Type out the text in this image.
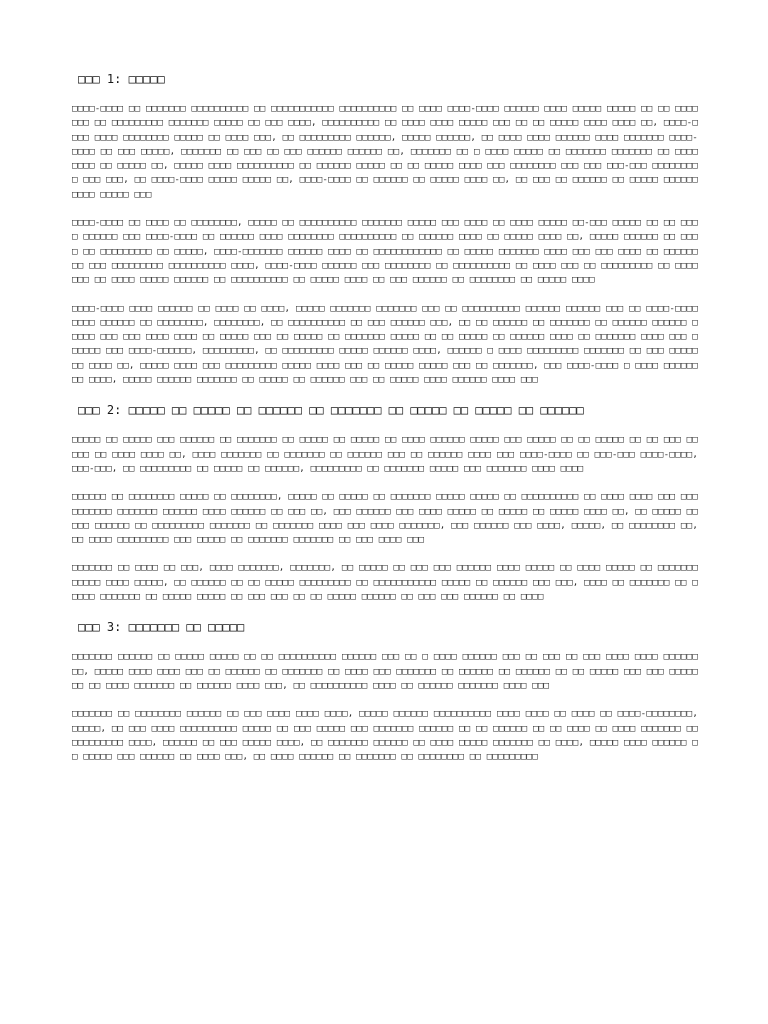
□□□ 1: □□□□□

□□□□-□□□□ □□ □□□□□□□ □□□□□□□□□□ □□ □□□□□□□□□□□ □□□□□□□□□□ □□ □□□□ □□□□-□□□□ □□□□□□ □□□□ □□□□□ □□□□□ □□ □□ □□□□□□□ □□ □□□□□□□□□ □□□□□□□ □□□□□ □□ □□□ □□□□, □□□□□□□□□□ □□ □□□□ □□□□ □□□□□ □□□ □□ □□ □□□□□ □□□□ □□□□ □□, □□□□-□□□□ □□□□ □□□□□□□□ □□□□□ □□ □□□□ □□□, □□ □□□□□□□□□ □□□□□□, □□□□□ □□□□□□, □□ □□□□ □□□□ □□□□□□ □□□□ □□□□□□□ □□□□-□□□□ □□ □□□ □□□□□, □□□□□□□ □□ □□□ □□ □□□ □□□□□□ □□□□□□ □□, □□□□□□□ □□ □ □□□□ □□□□□ □□ □□□□□□□ □□□□□□□ □□ □□□□ □□□□ □□ □□□□□ □□, □□□□□ □□□□ □□□□□□□□□□ □□ □□□□□□ □□□□□ □□ □□ □□□□□ □□□□ □□□ □□□□□□□□ □□□ □□□ □□□-□□□ □□□□□□□□□ □□□ □□□, □□ □□□□-□□□□ □□□□□ □□□□□ □□, □□□□-□□□□ □□ □□□□□□ □□ □□□□□ □□□□ □□, □□ □□□ □□ □□□□□□ □□ □□□□□ □□□□□□□□□□ □□□□□ □□□

□□□□-□□□□ □□ □□□□ □□ □□□□□□□□, □□□□□ □□ □□□□□□□□□□ □□□□□□□ □□□□□ □□□ □□□□ □□ □□□□ □□□□□ □□-□□□ □□□□□ □□ □□ □□□□ □□□□□□ □□□ □□□□-□□□□ □□ □□□□□□ □□□□ □□□□□□□□ □□□□□□□□□□ □□ □□□□□□ □□□□ □□ □□□□□ □□□□ □□, □□□□□ □□□□□□ □□ □□□□ □□ □□□□□□□□□ □□ □□□□□, □□□□-□□□□□□□ □□□□□□ □□□□ □□ □□□□□□□□□□□□ □□ □□□□□ □□□□□□□ □□□□ □□□ □□□ □□□□ □□ □□□□□□□□ □□□ □□□□□□□□□ □□□□□□□□□□ □□□□, □□□□-□□□□ □□□□□□ □□□ □□□□□□□□ □□ □□□□□□□□□□ □□ □□□□ □□□ □□ □□□□□□□□□ □□ □□□□ □□□ □□ □□□□ □□□□□ □□□□□□ □□ □□□□□□□□□□ □□ □□□□□ □□□□ □□ □□□ □□□□□□ □□ □□□□□□□□ □□ □□□□□ □□□□

□□□□-□□□□ □□□□ □□□□□□ □□ □□□□ □□ □□□□, □□□□□ □□□□□□□ □□□□□□□ □□□ □□ □□□□□□□□□□ □□□□□□ □□□□□□ □□□ □□ □□□□-□□□□ □□□□ □□□□□□ □□ □□□□□□□□, □□□□□□□□, □□ □□□□□□□□□□ □□ □□□ □□□□□□ □□□, □□ □□ □□□□□□ □□ □□□□□□□ □□ □□□□□□ □□□□□□ □□□□□ □□□ □□□ □□□□ □□□□ □□ □□□□□ □□□ □□ □□□□□ □□ □□□□□□□ □□□□□ □□ □□ □□□□□ □□ □□□□□□ □□□□ □□ □□□□□□□ □□□□ □□□ □□□□□□ □□□ □□□□-□□□□□□, □□□□□□□□□, □□ □□□□□□□□□ □□□□□ □□□□□□ □□□□, □□□□□□ □ □□□□ □□□□□□□□□ □□□□□□□ □□ □□□ □□□□□□□ □□□□ □□, □□□□□ □□□□ □□□ □□□□□□□□□ □□□□□ □□□□ □□□ □□ □□□□□ □□□□□ □□□ □□ □□□□□□□, □□□ □□□□-□□□□ □ □□□□ □□□□□□ □□ □□□□, □□□□□ □□□□□□ □□□□□□□ □□ □□□□□ □□ □□□□□□ □□□ □□ □□□□□ □□□□ □□□□□□ □□□□ □□□

□□□ 2: □□□□□ □□ □□□□□ □□ □□□□□□ □□ □□□□□□□ □□ □□□□□ □□ □□□□□ □□ □□□□□□

□□□□□ □□ □□□□□ □□□ □□□□□□ □□ □□□□□□□ □□ □□□□□ □□ □□□□□ □□ □□□□ □□□□□□ □□□□□ □□□ □□□□□ □□ □□ □□□□□ □□ □□ □□□ □□□□□ □□ □□□□ □□□□ □□, □□□□ □□□□□□□ □□ □□□□□□□ □□ □□□□□□ □□□ □□ □□□□□□ □□□□ □□□ □□□□-□□□□ □□ □□□-□□□ □□□□-□□□□, □□□-□□□, □□ □□□□□□□□□ □□ □□□□□ □□ □□□□□□, □□□□□□□□□ □□ □□□□□□□ □□□□□ □□□ □□□□□□□ □□□□ □□□□

□□□□□□ □□ □□□□□□□□ □□□□□ □□ □□□□□□□□, □□□□□ □□ □□□□□ □□ □□□□□□□ □□□□□ □□□□□ □□ □□□□□□□□□□ □□ □□□□ □□□□ □□□ □□□□□□□□□□ □□□□□□□ □□□□□□ □□□□ □□□□□□ □□ □□□ □□, □□□ □□□□□□ □□□ □□□□ □□□□□ □□ □□□□□ □□ □□□□□ □□□□ □□, □□ □□□□□ □□ □□□ □□□□□□ □□ □□□□□□□□□ □□□□□□□ □□ □□□□□□□ □□□□ □□□ □□□□ □□□□□□□, □□□ □□□□□□ □□□ □□□□, □□□□□, □□ □□□□□□□□ □□, □□ □□□□ □□□□□□□□□ □□□ □□□□□ □□ □□□□□□□ □□□□□□□ □□ □□□ □□□□ □□□

□□□□□□□ □□ □□□□ □□ □□□, □□□□ □□□□□□□, □□□□□□□, □□ □□□□□ □□ □□□ □□□ □□□□□□ □□□□ □□□□□ □□ □□□□ □□□□□ □□ □□□□□□□ □□□□□ □□□□ □□□□□, □□ □□□□□□ □□ □□ □□□□□ □□□□□□□□□ □□ □□□□□□□□□□□ □□□□□ □□ □□□□□□ □□□ □□□, □□□□ □□ □□□□□□□ □□ □□□□□ □□□□□□□ □□ □□□□□ □□□□□ □□ □□□ □□□ □□ □□ □□□□□ □□□□□□ □□ □□□ □□□ □□□□□□ □□ □□□□

□□□ 3: □□□□□□□ □□ □□□□□

□□□□□□□ □□□□□□ □□ □□□□□ □□□□□ □□ □□ □□□□□□□□□□ □□□□□□ □□□ □□ □ □□□□ □□□□□□ □□□ □□ □□□ □□ □□□ □□□□ □□□□ □□□□□□ □□, □□□□□ □□□□ □□□□ □□□ □□ □□□□□□ □□ □□□□□□□ □□ □□□□ □□□ □□□□□□□ □□ □□□□□□ □□ □□□□□□ □□ □□ □□□□□ □□□ □□□ □□□□□ □□ □□ □□□□ □□□□□□□ □□ □□□□□□ □□□□ □□□, □□ □□□□□□□□□□ □□□□ □□ □□□□□□ □□□□□□□ □□□□ □□□

□□□□□□□ □□ □□□□□□□□ □□□□□□ □□ □□□ □□□□ □□□□ □□□□, □□□□□ □□□□□□ □□□□□□□□□□ □□□□ □□□□ □□ □□□□ □□ □□□□-□□□□□□□□, □□□□□, □□ □□□ □□□□ □□□□□□□□□□ □□□□□ □□ □□□ □□□□□ □□□ □□□□□□□ □□□□□□ □□ □□ □□□□□□ □□ □□ □□□□ □□ □□□□ □□□□□□□ □□ □□□□□□□□□ □□□□, □□□□□□ □□ □□□ □□□□□ □□□□, □□ □□□□□□□ □□□□□□ □□ □□□□ □□□□□ □□□□□□□ □□ □□□□, □□□□□ □□□□ □□□□□□ □□ □□□□□ □□□ □□□□□□ □□ □□□□ □□□, □□ □□□□ □□□□□□ □□ □□□□□□□ □□ □□□□□□□□ □□ □□□□□□□□□
